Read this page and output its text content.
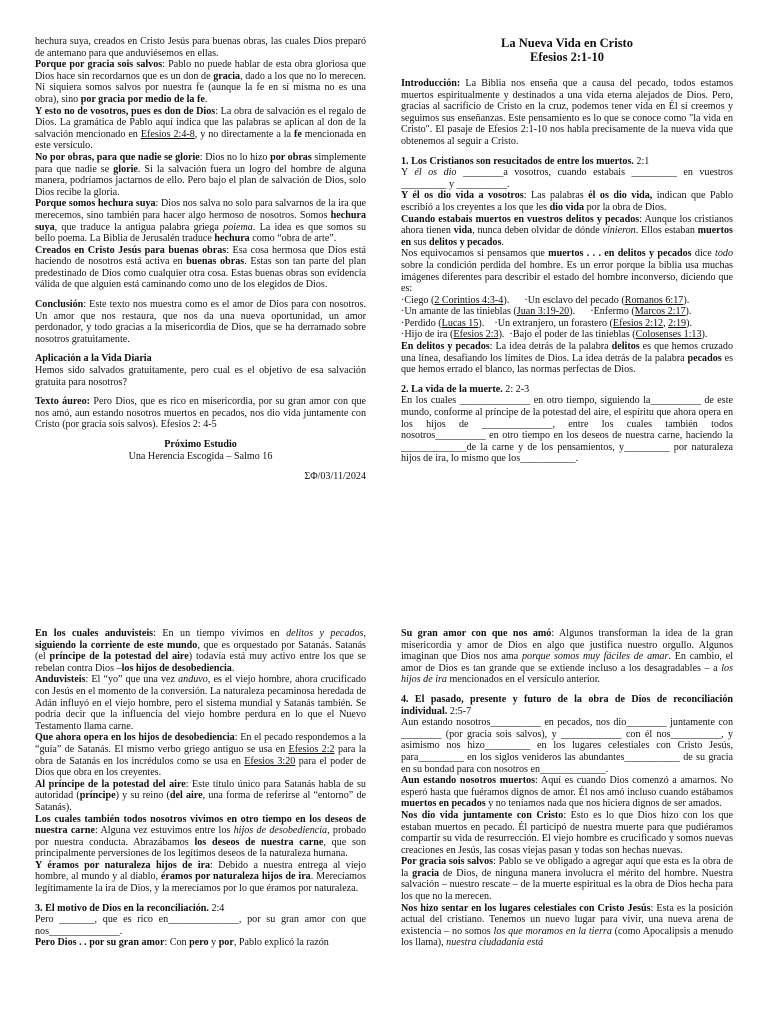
hechura suya, creados en Cristo Jesús para buenas obras, las cuales Dios preparó de antemano para que anduviésemos en ellas.

Porque por gracia sois salvos: Pablo no puede hablar de esta obra gloriosa que Dios hace sin recordarnos que es un don de gracia, dado a los que no lo merecen. Ni siquiera somos salvos por nuestra fe (aunque la fe en sí misma no es una obra), sino por gracia por medio de la fe.

Y esto no de vosotros, pues es don de Dios: La obra de salvación es el regalo de Dios. La gramática de Pablo aquí indica que las palabras se aplican al don de la salvación mencionado en Efesios 2:4-8, y no directamente a la fe mencionada en este versículo.

No por obras, para que nadie se glorie: Dios no lo hizo por obras simplemente para que nadie se glorie. Si la salvación fuera un logro del hombre de alguna manera, podríamos jactarnos de ello. Pero bajo el plan de salvación de Dios, solo Dios recibe la gloria.

Porque somos hechura suya: Dios nos salva no solo para salvarnos de la ira que merecemos, sino también para hacer algo hermoso de nosotros. Somos hechura suya, que traduce la antigua palabra griega poiema. La idea es que somos su bello poema. La Biblia de Jerusalén traduce hechura como “obra de arte”.

Creados en Cristo Jesús para buenas obras: Esa cosa hermosa que Dios está haciendo de nosotros está activa en buenas obras. Estas son tan parte del plan predestinado de Dios como cualquier otra cosa. Estas buenas obras son evidencia válida de que alguien está caminando como uno de los elegidos de Dios.

Conclusión: Este texto nos muestra como es el amor de Dios para con nosotros. Un amor que nos restaura, que nos da una nueva oportunidad, un amor perdonador, y todo gracias a la misericordia de Dios, que se ha derramado sobre nosotros gratuitamente.

Aplicación a la Vida Diaria

Hemos sido salvados gratuitamente, pero cual es el objetivo de esa salvación gratuita para nosotros?

Texto áureo: Pero Dios, que es rico en misericordia, por su gran amor con que nos amó, aun estando nosotros muertos en pecados, nos dio vida juntamente con Cristo (por gracia sois salvos). Efesios 2: 4-5

Próximo Estudio

Una Herencia Escogida – Salmo 16

ΣΦ/03/11/2024

La Nueva Vida en Cristo
Efesios 2:1-10

Introducción: La Biblia nos enseña que a causa del pecado, todos estamos muertos espiritualmente y destinados a una vida eterna alejados de Dios. Pero, gracias al sacrificio de Cristo en la cruz, podemos tener vida en Él si creemos y seguimos sus enseñanzas. Este pensamiento es lo que se conoce como "la vida en Cristo". El pasaje de Efesios 2:1-10 nos habla precisamente de la nueva vida que obtenemos al seguir a Cristo.

1. Los Cristianos son resucitados de entre los muertos. 2:1

Y él os dio ________a vosotros, cuando estabais _________ en vuestros _________ y __________.

Y él os dio vida a vosotros: Las palabras él os dio vida, indican que Pablo escribió a los creyentes a los que les dio vida por la obra de Dios.

Cuando estabais muertos en vuestros delitos y pecados: Aunque los cristianos ahora tienen vida, nunca deben olvidar de dónde vinieron. Ellos estaban muertos en sus delitos y pecados.

Nos equivocamos si pensamos que muertos . . . en delitos y pecados dice todo sobre la condición perdida del hombre. Es un error porque la biblia usa muchas imágenes diferentes para describir el estado del hombre inconverso, diciendo que es:

·Ciego (2 Corintios 4:3-4).      ·Un esclavo del pecado (Romanos 6:17).

·Un amante de las tinieblas (Juan 3:19-20).      ·Enfermo (Marcos 2:17).

·Perdido (Lucas 15).    ·Un extranjero, un forastero (Efesios 2:12, 2:19).

·Hijo de ira (Efesios 2:3).  ·Bajo el poder de las tinieblas (Colosenses 1:13).

En delitos y pecados: La idea detrás de la palabra delitos es que hemos cruzado una línea, desafiando los límites de Dios. La idea detrás de la palabra pecados es que hemos errado el blanco, las normas perfectas de Dios.

2. La vida de la muerte. 2: 2-3

En los cuales ______________ en otro tiempo, siguiendo la__________ de este mundo, conforme al príncipe de la potestad del aire, el espíritu que ahora opera en los hijos de ______________, entre los cuales también todos nosotros__________ en otro tiempo en los deseos de nuestra carne, haciendo la _____________de la carne y de los pensamientos, y_________ por naturaleza hijos de ira, lo mismo que los___________.

En los cuales anduvisteis: En un tiempo vivimos en delitos y pecados, siguiendo la corriente de este mundo, que es orquestado por Satanás. Satanás (el príncipe de la potestad del aire) todavía está muy activo entre los que se rebelan contra Dios –los hijos de desobediencia.

Anduvisteis: El “yo” que una vez anduvo, es el viejo hombre, ahora crucificado con Jesús en el momento de la conversión. La naturaleza pecaminosa heredada de Adán influyó en el viejo hombre, pero el sistema mundial y Satanás también. Se podría decir que la influencia del viejo hombre perdura en lo que el Nuevo Testamento llama carne.

Que ahora opera en los hijos de desobediencia: En el pecado respondemos a la “guía” de Satanás. El mismo verbo griego antiguo se usa en Efesios 2:2 para la obra de Satanás en los incrédulos como se usa en Efesios 3:20 para el poder de Dios que obra en los creyentes.

Al príncipe de la potestad del aire: Este título único para Satanás habla de su autoridad (príncipe) y su reino (del aire, una forma de referirse al “entorno” de Satanás).

Los cuales también todos nosotros vivimos en otro tiempo en los deseos de nuestra carne: Alguna vez estuvimos entre los hijos de desobediencia, probado por nuestra conducta. Abrazábamos los deseos de nuestra carne, que son principalmente perversiones de los legítimos deseos de la naturaleza humana.

Y éramos por naturaleza hijos de ira: Debido a nuestra entrega al viejo hombre, al mundo y al diablo, éramos por naturaleza hijos de ira. Merecíamos legítimamente la ira de Dios, y la merecíamos por lo que éramos por naturaleza.

3. El motivo de Dios en la reconciliación. 2:4

Pero _______, que es rico en______________, por su gran amor con que nos______________.

Pero Dios . . por su gran amor: Con pero y por, Pablo explicó la razón

Su gran amor con que nos amó: Algunos transforman la idea de la gran misericordia y amor de Dios en algo que justifica nuestro orgullo. Algunos imaginan que Dios nos ama porque somos muy fáciles de amar. En cambio, el amor de Dios es tan grande que se extiende incluso a los desagradables – a los hijos de ira mencionados en el versículo anterior.

4. El pasado, presente y futuro de la obra de Dios de reconciliación individual. 2:5-7

Aun estando nosotros__________ en pecados, nos dio________ juntamente con ________ (por gracia sois salvos), y ____________ con él nos__________, y asimismo nos hizo_________ en los lugares celestiales con Cristo Jesús, para_________ en los siglos venideros las abundantes___________ de su gracia en su bondad para con nosotros en_____________.

Aun estando nosotros muertos: Aquí es cuando Dios comenzó a amarnos. No esperó hasta que fuéramos dignos de amor. Él nos amó incluso cuando estábamos muertos en pecados y no teníamos nada que nos hiciera dignos de ser amados.

Nos dio vida juntamente con Cristo: Esto es lo que Dios hizo con los que estaban muertos en pecado. Él participó de nuestra muerte para que pudiéramos compartir su vida de resurrección. El viejo hombre es crucificado y somos nuevas creaciones en Jesús, las cosas viejas pasan y todas son hechas nuevas.

Por gracia sois salvos: Pablo se ve obligado a agregar aquí que esta es la obra de la gracia de Dios, de ninguna manera involucra el mérito del hombre. Nuestra salvación – nuestro rescate – de la muerte espiritual es la obra de Dios hecha para los que no la merecen.

Nos hizo sentar en los lugares celestiales con Cristo Jesús: Esta es la posición actual del cristiano. Tenemos un nuevo lugar para vivir, una nueva arena de existencia – no somos los que moramos en la tierra (como Apocalipsis a menudo los llama), nuestra ciudadanía está
